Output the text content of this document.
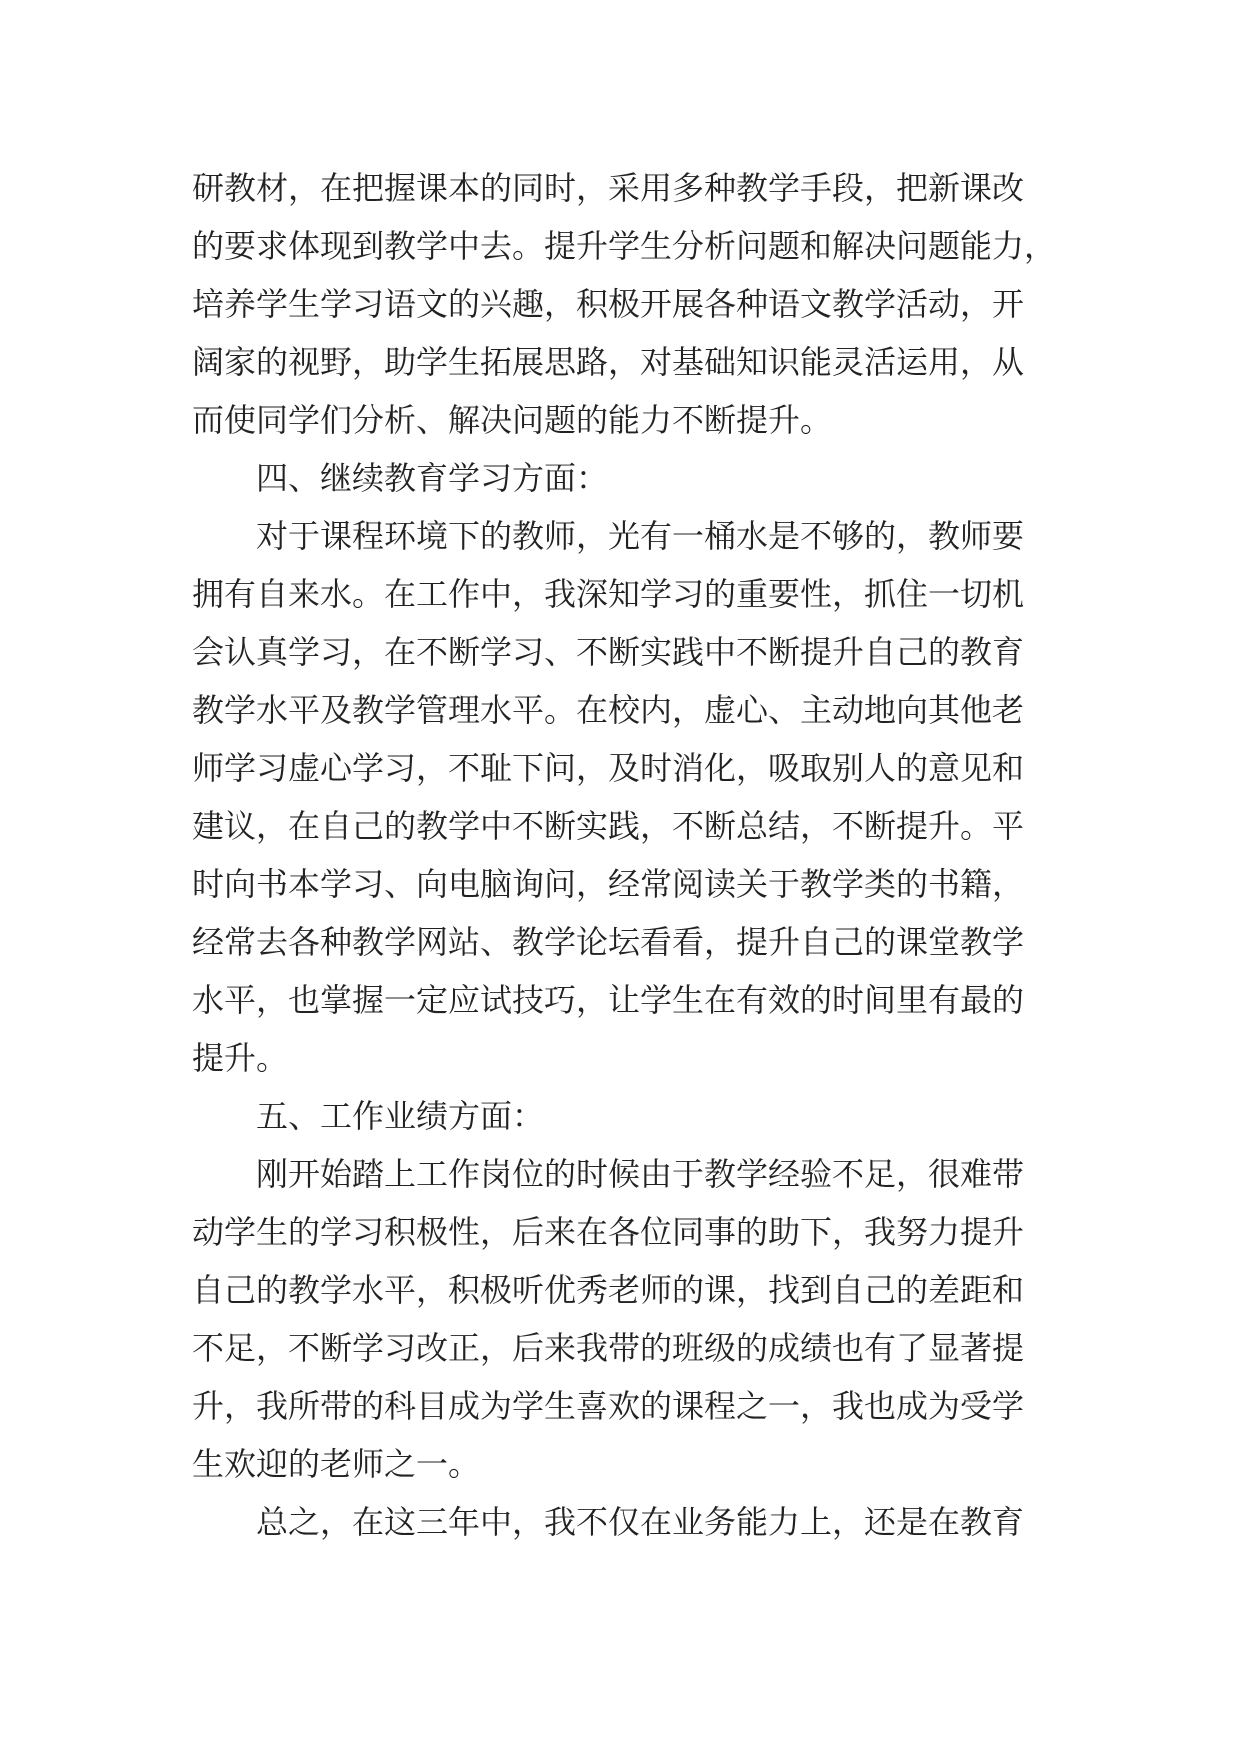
研教材，在把握课本的同时，采用多种教学手段，把新课改
的要求体现到教学中去。提升学生分析问题和解决问题能力，
培养学生学习语文的兴趣，积极开展各种语文教学活动，开
阔家的视野，助学生拓展思路，对基础知识能灵活运用，从
而使同学们分析、解决问题的能力不断提升。
四、继续教育学习方面：
对于课程环境下的教师，光有一桶水是不够的，教师要
拥有自来水。在工作中，我深知学习的重要性，抓住一切机
会认真学习，在不断学习、不断实践中不断提升自己的教育
教学水平及教学管理水平。在校内，虚心、主动地向其他老
师学习虚心学习，不耻下问，及时消化，吸取别人的意见和
建议，在自己的教学中不断实践，不断总结，不断提升。平
时向书本学习、向电脑询问，经常阅读关于教学类的书籍，
经常去各种教学网站、教学论坛看看，提升自己的课堂教学
水平，也掌握一定应试技巧，让学生在有效的时间里有最的
提升。
五、工作业绩方面：
刚开始踏上工作岗位的时候由于教学经验不足，很难带
动学生的学习积极性，后来在各位同事的助下，我努力提升
自己的教学水平，积极听优秀老师的课，找到自己的差距和
不足，不断学习改正，后来我带的班级的成绩也有了显著提
升，我所带的科目成为学生喜欢的课程之一，我也成为受学
生欢迎的老师之一。
总之，在这三年中，我不仅在业务能力上，还是在教育
